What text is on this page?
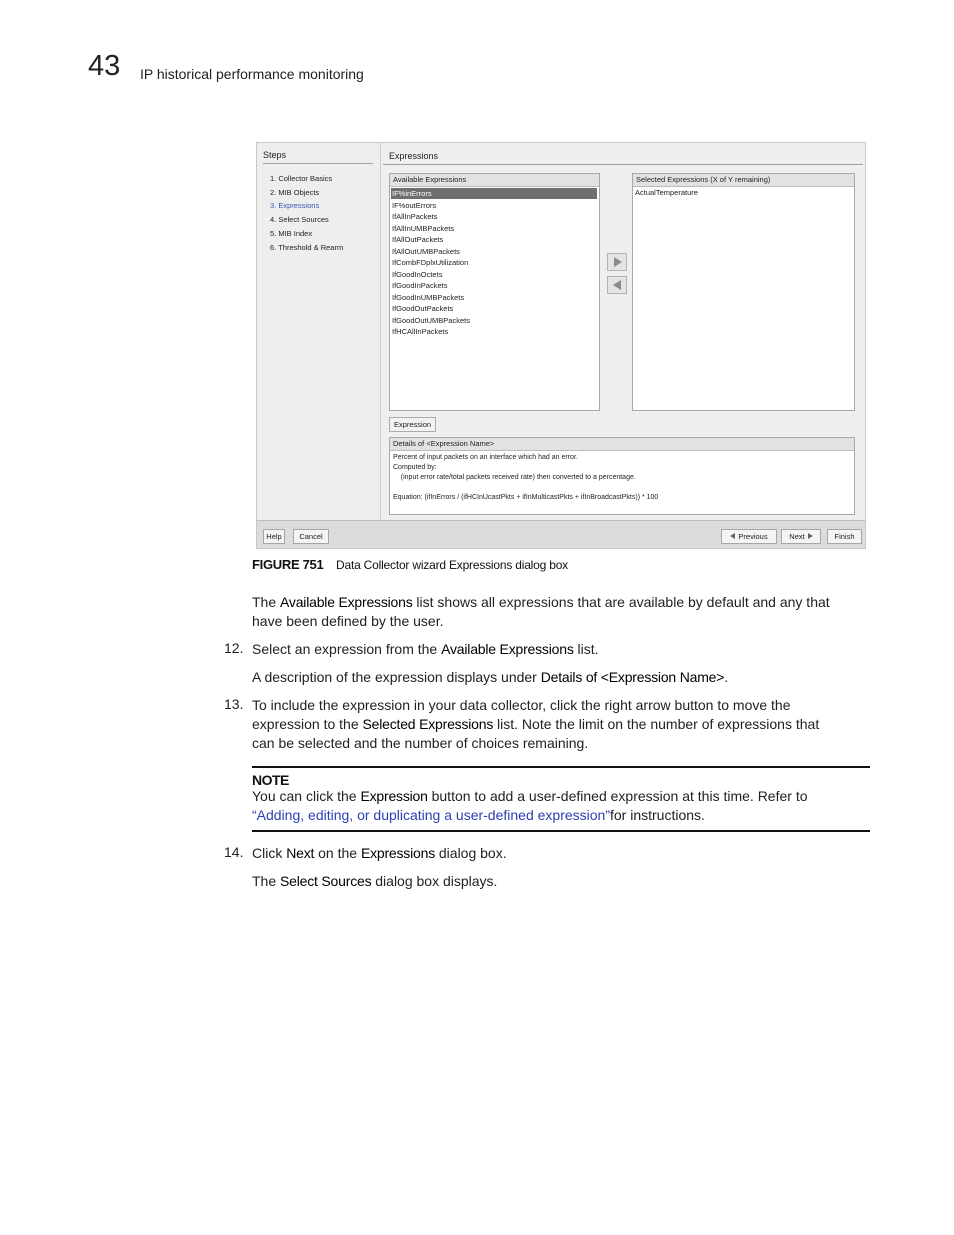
43 IP historical performance monitoring
Steps
1. Collector Basics
2. MIB Objects
3. Expressions
4. Select Sources
5. MIB Index
6. Threshold & Rearm
Expressions
Available Expressions
IF%inErrors
IF%outErrors
IfAllInPackets
IfAllInUMBPackets
IfAllOutPackets
IfAllOutUMBPackets
IfCombFDplxUtilization
IfGoodInOctets
IfGoodInPackets
IfGoodInUMBPackets
IfGoodOutPackets
IfGoodOutUMBPackets
IfHCAllInPackets
Selected Expressions (X of Y remaining)
ActualTemperature
Expression
Details of <Expression Name>
Percent of input packets on an interface which had an error.
Computed by:
(input error rate/total packets received rate) then converted to a percentage.
Equation: (ifInErrors / (ifHCInUcastPkts + ifInMulticastPkts + ifInBroadcastPkts)) * 100
Help	Cancel	Previous	Next	Finish
FIGURE 751 Data Collector wizard Expressions dialog box
The Available Expressions list shows all expressions that are available by default and any that
have been defined by the user.
12. Select an expression from the Available Expressions list.
A description of the expression displays under Details of <Expression Name>.
13. To include the expression in your data collector, click the right arrow button to move the
expression to the Selected Expressions list. Note the limit on the number of expressions that
can be selected and the number of choices remaining.
NOTE
You can click the Expression button to add a user-defined expression at this time. Refer to
“Adding, editing, or duplicating a user-defined expression”for instructions.
14. Click Next on the Expressions dialog box.
The Select Sources dialog box displays.
